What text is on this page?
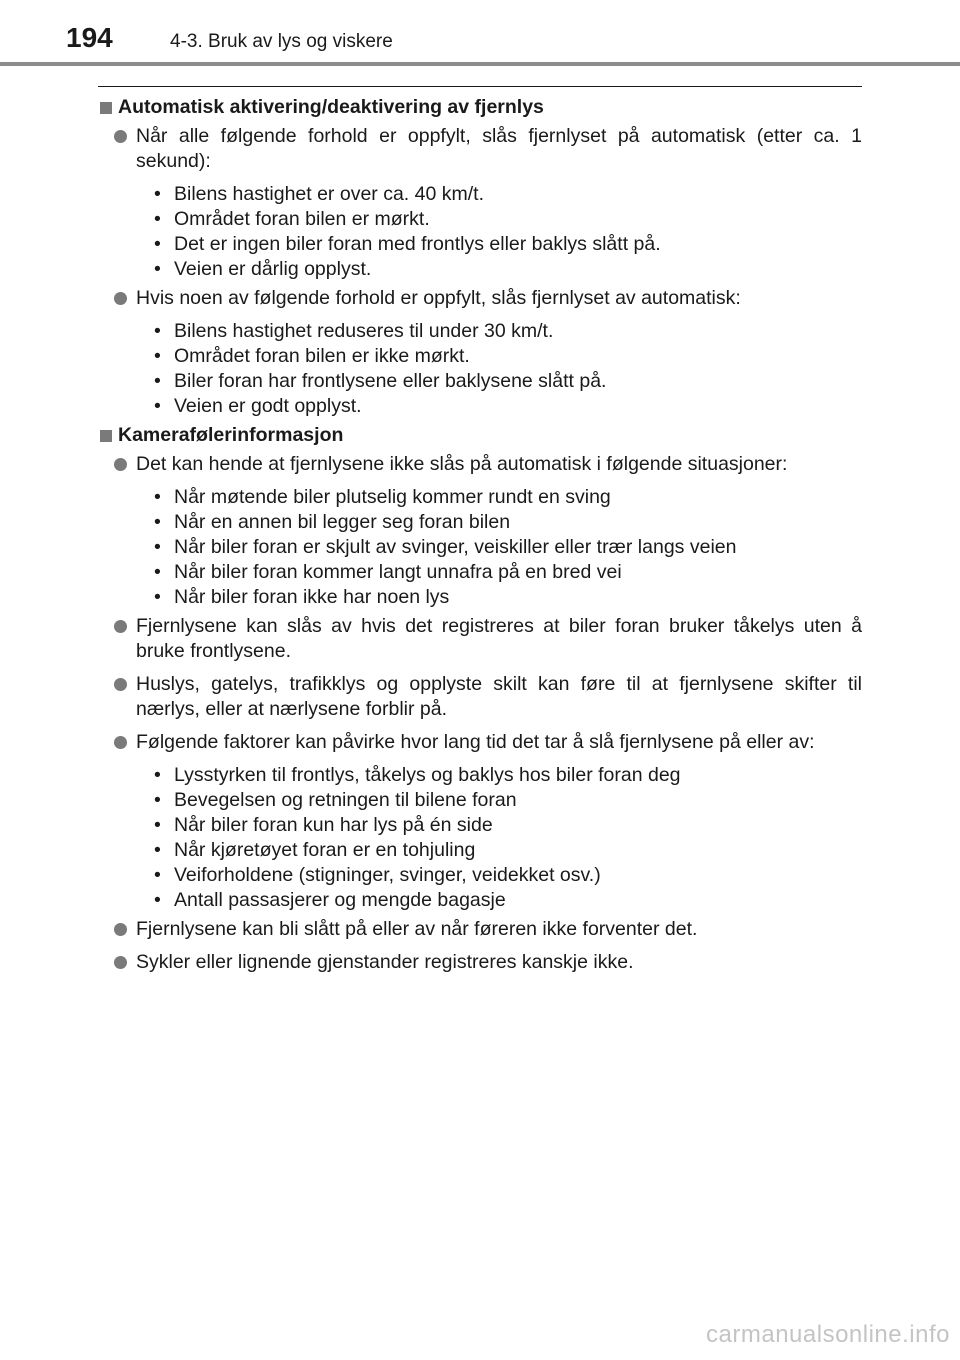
194	4-3. Bruk av lys og viskere
Automatisk aktivering/deaktivering av fjernlys
Når alle følgende forhold er oppfylt, slås fjernlyset på automatisk (etter ca. 1 sekund):
• Bilens hastighet er over ca. 40 km/t.
• Området foran bilen er mørkt.
• Det er ingen biler foran med frontlys eller baklys slått på.
• Veien er dårlig opplyst.
Hvis noen av følgende forhold er oppfylt, slås fjernlyset av automatisk:
• Bilens hastighet reduseres til under 30 km/t.
• Området foran bilen er ikke mørkt.
• Biler foran har frontlysene eller baklysene slått på.
• Veien er godt opplyst.
Kamerafølerinformasjon
Det kan hende at fjernlysene ikke slås på automatisk i følgende situasjoner:
• Når møtende biler plutselig kommer rundt en sving
• Når en annen bil legger seg foran bilen
• Når biler foran er skjult av svinger, veiskiller eller trær langs veien
• Når biler foran kommer langt unnafra på en bred vei
• Når biler foran ikke har noen lys
Fjernlysene kan slås av hvis det registreres at biler foran bruker tåkelys uten å bruke frontlysene.
Huslys, gatelys, trafikklys og opplyste skilt kan føre til at fjernlysene skifter til nærlys, eller at nærlysene forblir på.
Følgende faktorer kan påvirke hvor lang tid det tar å slå fjernlysene på eller av:
• Lysstyrken til frontlys, tåkelys og baklys hos biler foran deg
• Bevegelsen og retningen til bilene foran
• Når biler foran kun har lys på én side
• Når kjøretøyet foran er en tohjuling
• Veiforholdene (stigninger, svinger, veidekket osv.)
• Antall passasjerer og mengde bagasje
Fjernlysene kan bli slått på eller av når føreren ikke forventer det.
Sykler eller lignende gjenstander registreres kanskje ikke.
carmanualsonline.info
